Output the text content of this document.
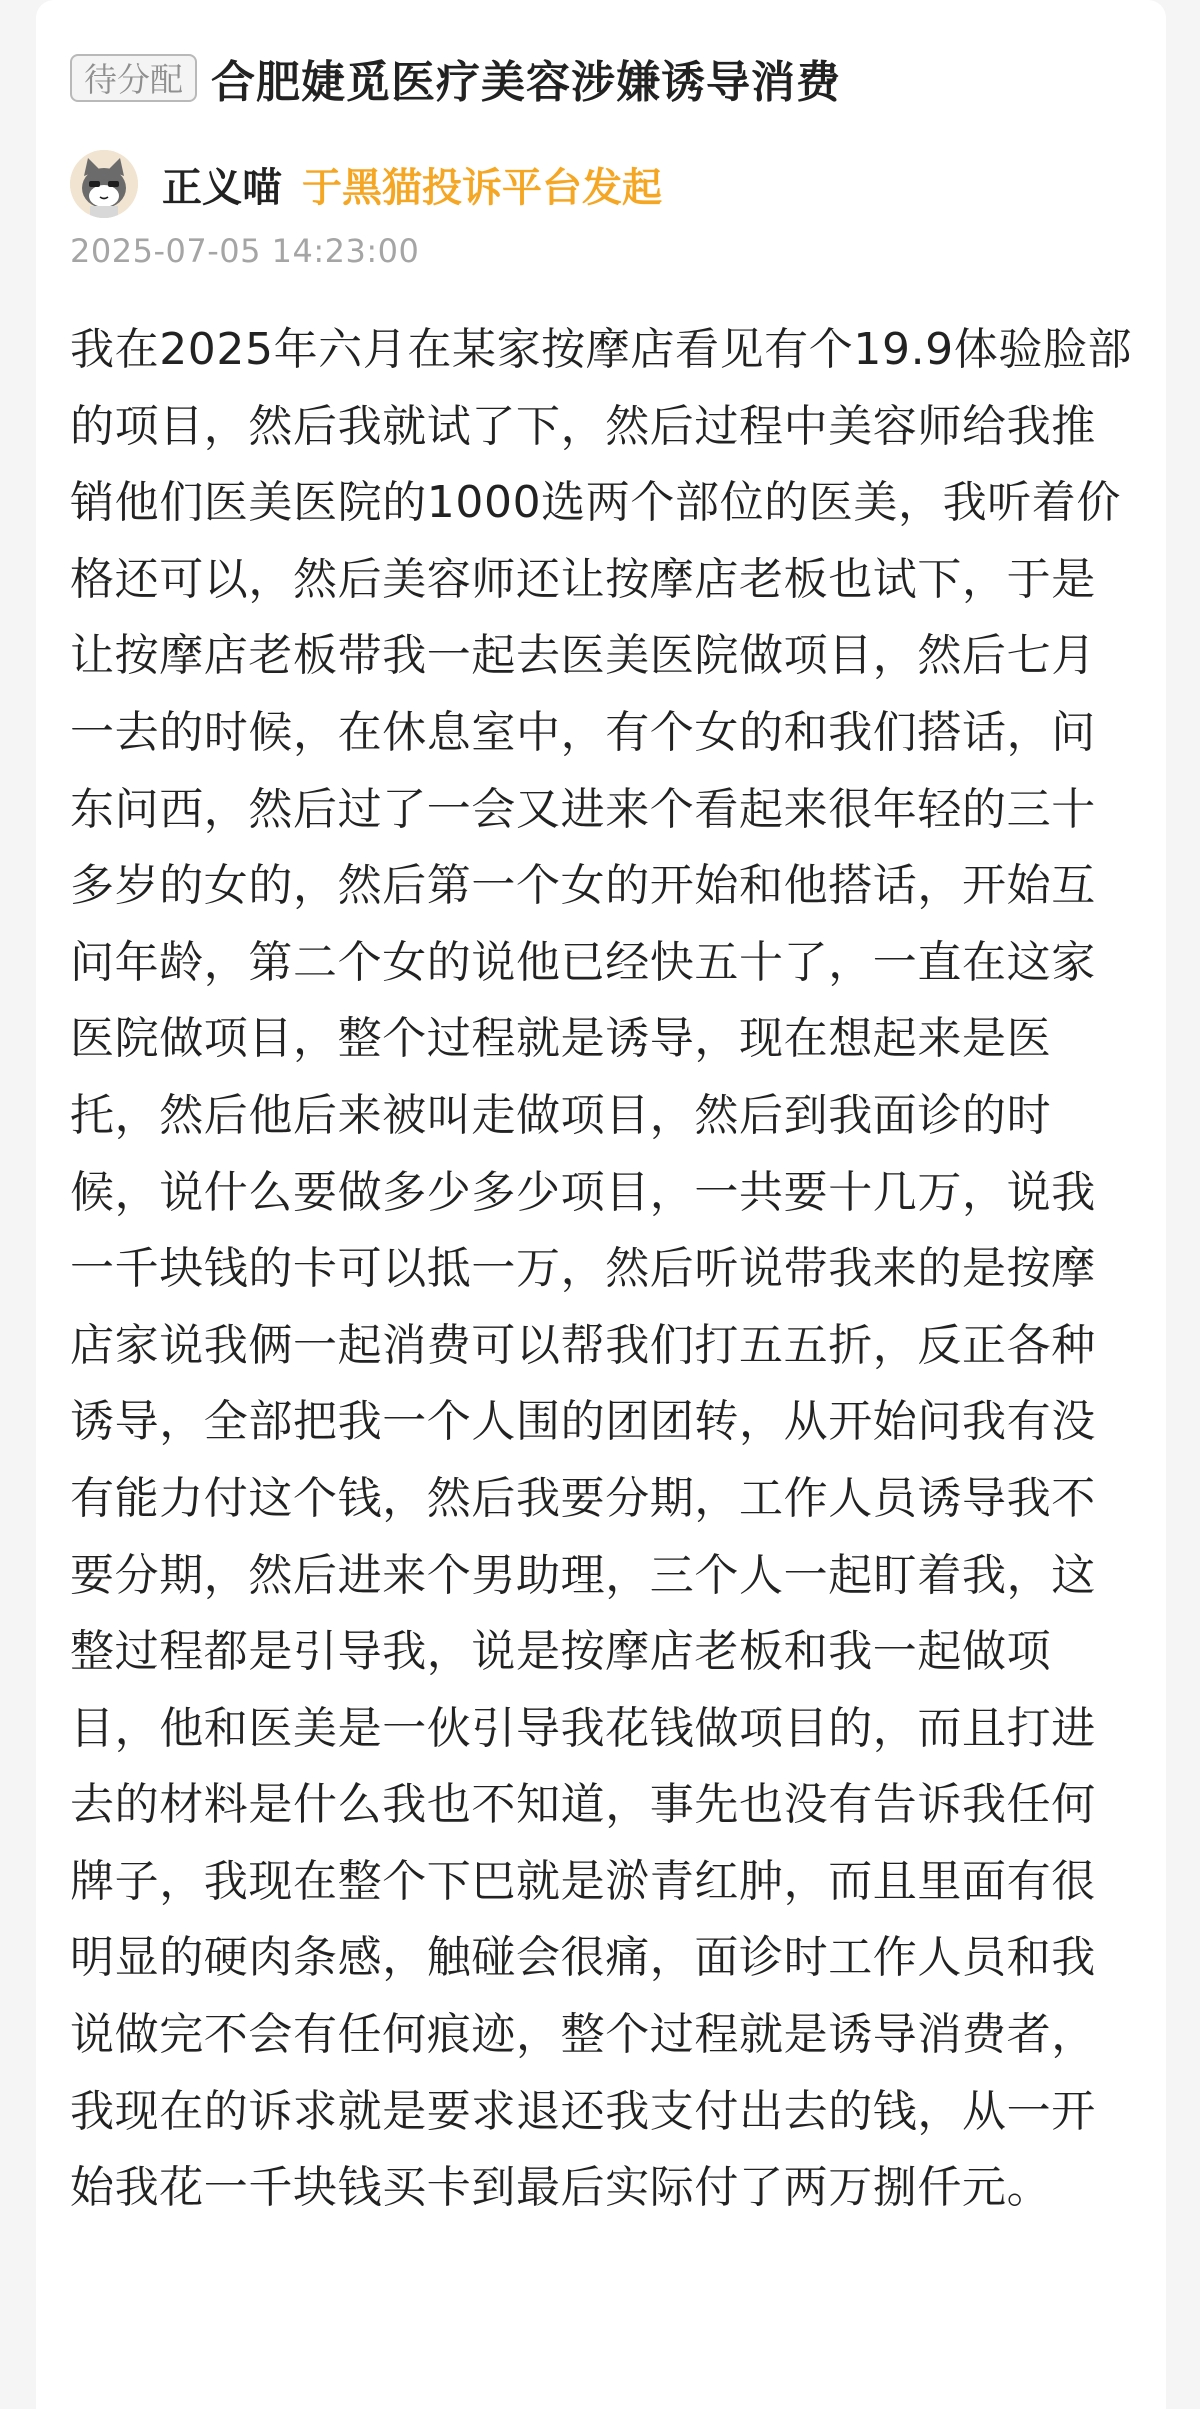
待分配 合肥婕觅医疗美容涉嫌诱导消费
正义喵 于黑猫投诉平台发起
2025-07-05 14:23:00

我在2025年六月在某家按摩店看见有个19.9体验脸部的项目，然后我就试了下，然后过程中美容师给我推销他们医美医院的1000选两个部位的医美，我听着价格还可以，然后美容师还让按摩店老板也试下，于是让按摩店老板带我一起去医美医院做项目，然后七月一去的时候，在休息室中，有个女的和我们搭话，问东问西，然后过了一会又进来个看起来很年轻的三十多岁的女的，然后第一个女的开始和他搭话，开始互问年龄，第二个女的说他已经快五十了，一直在这家医院做项目，整个过程就是诱导，现在想起来是医托，然后他后来被叫走做项目，然后到我面诊的时候，说什么要做多少多少项目，一共要十几万，说我一千块钱的卡可以抵一万，然后听说带我来的是按摩店家说我俩一起消费可以帮我们打五五折，反正各种诱导，全部把我一个人围的团团转，从开始问我有没有能力付这个钱，然后我要分期，工作人员诱导我不要分期，然后进来个男助理，三个人一起盯着我，这整过程都是引导我，说是按摩店老板和我一起做项目，他和医美是一伙引导我花钱做项目的，而且打进去的材料是什么我也不知道，事先也没有告诉我任何牌子，我现在整个下巴就是淤青红肿，而且里面有很明显的硬肉条感，触碰会很痛，面诊时工作人员和我说做完不会有任何痕迹，整个过程就是诱导消费者，我现在的诉求就是要求退还我支付出去的钱，从一开始我花一千块钱买卡到最后实际付了两万捌仟元。
